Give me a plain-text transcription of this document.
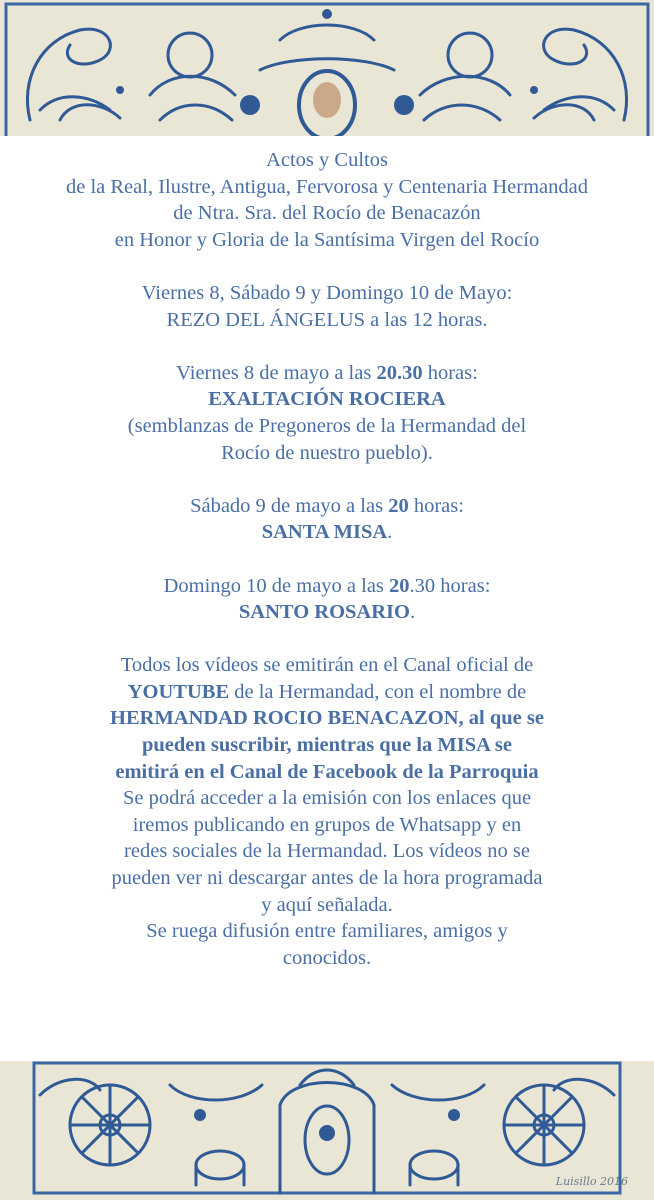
Actos y Cultos

de la Real, Ilustre, Antigua, Fervorosa y Centenaria Hermandad

de Ntra. Sra. del Rocío de Benacazón

en Honor y Gloria de la Santísima Virgen del Rocío

Viernes 8, Sábado 9 y Domingo 10 de Mayo:

REZO DEL ÁNGELUS a las 12 horas.

Viernes 8 de mayo a las 20.30 horas:

EXALTACIÓN ROCIERA

(semblanzas de Pregoneros de la Hermandad del

Rocío de nuestro pueblo).

Sábado 9 de mayo a las 20 horas:

SANTA MISA.

Domingo 10 de mayo a las 20.30 horas:

SANTO ROSARIO.

Todos los vídeos se emitirán en el Canal oficial de

YOUTUBE de la Hermandad, con el nombre de

HERMANDAD ROCIO BENACAZON, al que se

pueden suscribir, mientras que la MISA se

emitirá en el Canal de Facebook de la Parroquia

Se podrá acceder a la emisión con los enlaces que

iremos publicando en grupos de Whatsapp y en

redes sociales de la Hermandad. Los vídeos no se

pueden ver ni descargar antes de la hora programada

y aquí señalada.

Se ruega difusión entre familiares, amigos y

conocidos.

Luisillo 2016
